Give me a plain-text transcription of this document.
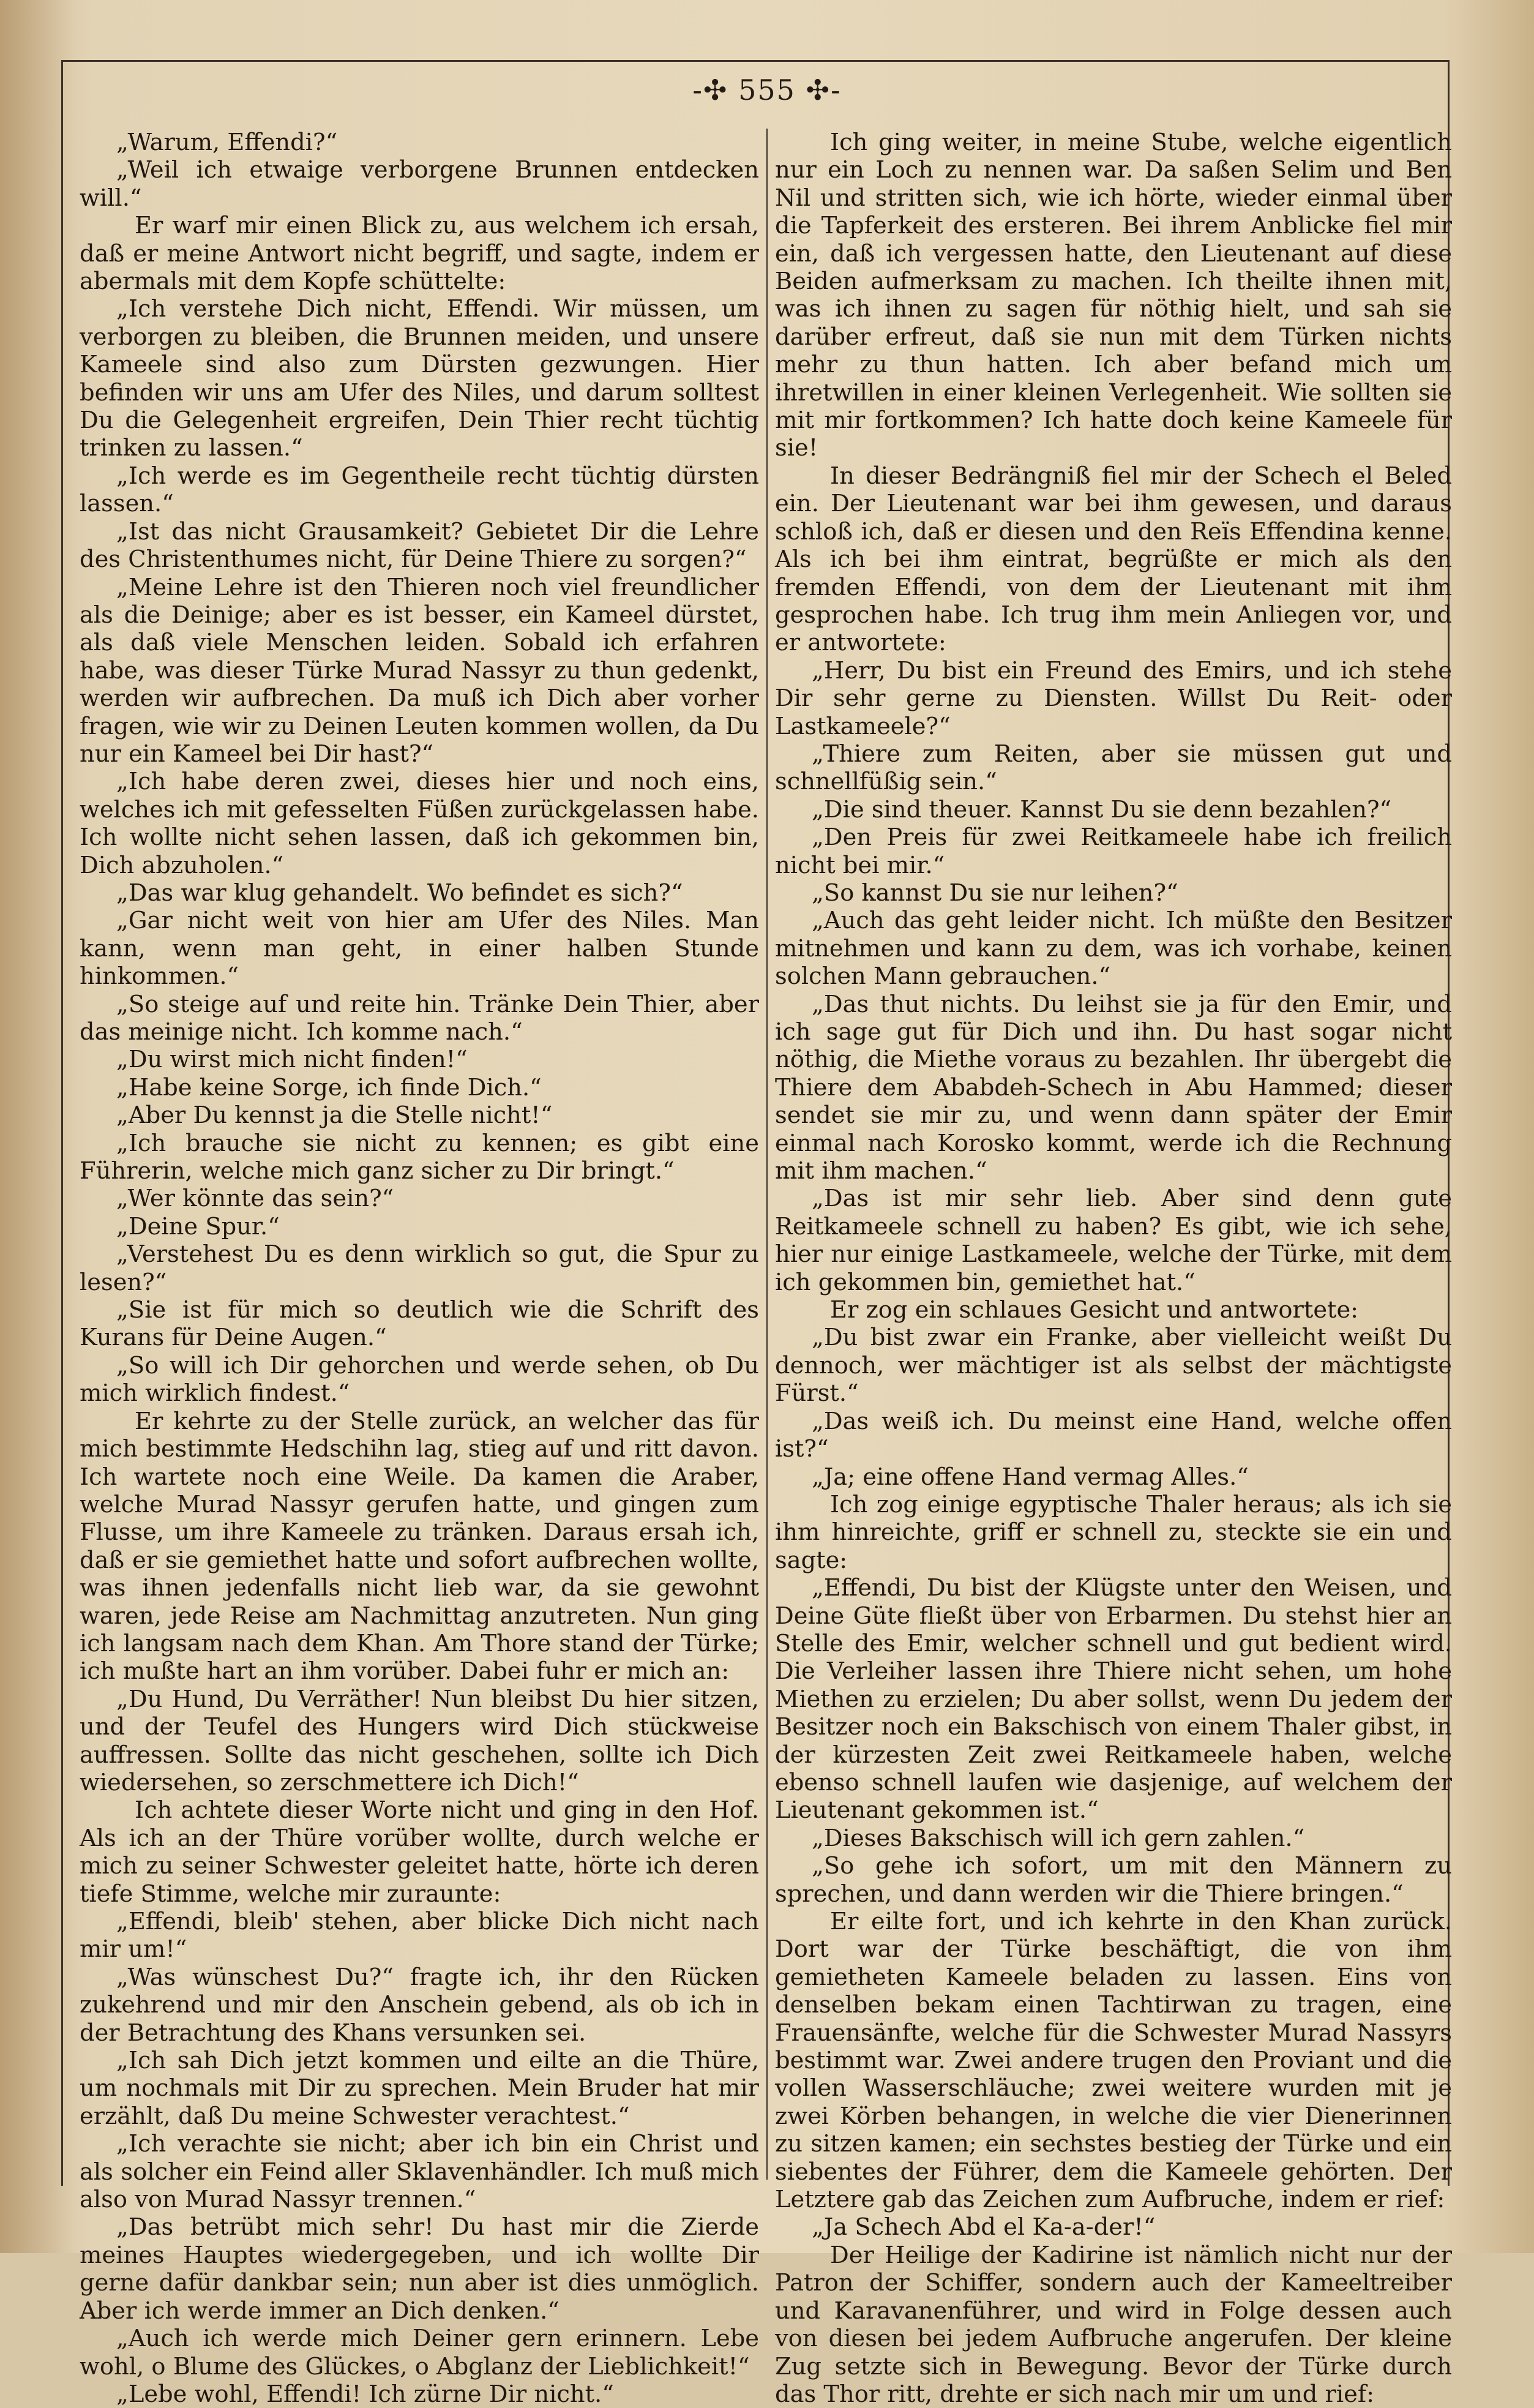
-✣ 555 ✣-

„Warum, Effendi?“

„Weil ich etwaige verborgene Brunnen entdecken will.“

Er warf mir einen Blick zu, aus welchem ich ersah, daß er meine Antwort nicht begriff, und sagte, indem er abermals mit dem Kopfe schüttelte:

„Ich verstehe Dich nicht, Effendi. Wir müssen, um verborgen zu bleiben, die Brunnen meiden, und unsere Kameele sind also zum Dürsten gezwungen. Hier befinden wir uns am Ufer des Niles, und darum solltest Du die Gelegenheit ergreifen, Dein Thier recht tüchtig trinken zu lassen.“

„Ich werde es im Gegentheile recht tüchtig dürsten lassen.“

„Ist das nicht Grausamkeit? Gebietet Dir die Lehre des Christenthumes nicht, für Deine Thiere zu sorgen?“

„Meine Lehre ist den Thieren noch viel freundlicher als die Deinige; aber es ist besser, ein Kameel dürstet, als daß viele Menschen leiden. Sobald ich erfahren habe, was dieser Türke Murad Nassyr zu thun gedenkt, werden wir aufbrechen. Da muß ich Dich aber vorher fragen, wie wir zu Deinen Leuten kommen wollen, da Du nur ein Kameel bei Dir hast?“

„Ich habe deren zwei, dieses hier und noch eins, welches ich mit gefesselten Füßen zurückgelassen habe. Ich wollte nicht sehen lassen, daß ich gekommen bin, Dich abzuholen.“

„Das war klug gehandelt. Wo befindet es sich?“

„Gar nicht weit von hier am Ufer des Niles. Man kann, wenn man geht, in einer halben Stunde hinkommen.“

„So steige auf und reite hin. Tränke Dein Thier, aber das meinige nicht. Ich komme nach.“

„Du wirst mich nicht finden!“

„Habe keine Sorge, ich finde Dich.“

„Aber Du kennst ja die Stelle nicht!“

„Ich brauche sie nicht zu kennen; es gibt eine Führerin, welche mich ganz sicher zu Dir bringt.“

„Wer könnte das sein?“

„Deine Spur.“

„Verstehest Du es denn wirklich so gut, die Spur zu lesen?“

„Sie ist für mich so deutlich wie die Schrift des Kurans für Deine Augen.“

„So will ich Dir gehorchen und werde sehen, ob Du mich wirklich findest.“

Er kehrte zu der Stelle zurück, an welcher das für mich bestimmte Hedschihn lag, stieg auf und ritt davon. Ich wartete noch eine Weile. Da kamen die Araber, welche Murad Nassyr gerufen hatte, und gingen zum Flusse, um ihre Kameele zu tränken. Daraus ersah ich, daß er sie gemiethet hatte und sofort aufbrechen wollte, was ihnen jedenfalls nicht lieb war, da sie gewohnt waren, jede Reise am Nachmittag anzutreten. Nun ging ich langsam nach dem Khan. Am Thore stand der Türke; ich mußte hart an ihm vorüber. Dabei fuhr er mich an:

„Du Hund, Du Verräther! Nun bleibst Du hier sitzen, und der Teufel des Hungers wird Dich stückweise auffressen. Sollte das nicht geschehen, sollte ich Dich wiedersehen, so zerschmettere ich Dich!“

Ich achtete dieser Worte nicht und ging in den Hof. Als ich an der Thüre vorüber wollte, durch welche er mich zu seiner Schwester geleitet hatte, hörte ich deren tiefe Stimme, welche mir zuraunte:

„Effendi, bleib' stehen, aber blicke Dich nicht nach mir um!“

„Was wünschest Du?“ fragte ich, ihr den Rücken zukehrend und mir den Anschein gebend, als ob ich in der Betrachtung des Khans versunken sei.

„Ich sah Dich jetzt kommen und eilte an die Thüre, um nochmals mit Dir zu sprechen. Mein Bruder hat mir erzählt, daß Du meine Schwester verachtest.“

„Ich verachte sie nicht; aber ich bin ein Christ und als solcher ein Feind aller Sklavenhändler. Ich muß mich also von Murad Nassyr trennen.“

„Das betrübt mich sehr! Du hast mir die Zierde meines Hauptes wiedergegeben, und ich wollte Dir gerne dafür dankbar sein; nun aber ist dies unmöglich. Aber ich werde immer an Dich denken.“

„Auch ich werde mich Deiner gern erinnern. Lebe wohl, o Blume des Glückes, o Abglanz der Lieblichkeit!“

„Lebe wohl, Effendi! Ich zürne Dir nicht.“

Ich ging weiter, in meine Stube, welche eigentlich nur ein Loch zu nennen war. Da saßen Selim und Ben Nil und stritten sich, wie ich hörte, wieder einmal über die Tapferkeit des ersteren. Bei ihrem Anblicke fiel mir ein, daß ich vergessen hatte, den Lieutenant auf diese Beiden aufmerksam zu machen. Ich theilte ihnen mit, was ich ihnen zu sagen für nöthig hielt, und sah sie darüber erfreut, daß sie nun mit dem Türken nichts mehr zu thun hatten. Ich aber befand mich um ihretwillen in einer kleinen Verlegenheit. Wie sollten sie mit mir fortkommen? Ich hatte doch keine Kameele für sie!

In dieser Bedrängniß fiel mir der Schech el Beled ein. Der Lieutenant war bei ihm gewesen, und daraus schloß ich, daß er diesen und den Reïs Effendina kenne. Als ich bei ihm eintrat, begrüßte er mich als den fremden Effendi, von dem der Lieutenant mit ihm gesprochen habe. Ich trug ihm mein Anliegen vor, und er antwortete:

„Herr, Du bist ein Freund des Emirs, und ich stehe Dir sehr gerne zu Diensten. Willst Du Reit- oder Lastkameele?“

„Thiere zum Reiten, aber sie müssen gut und schnellfüßig sein.“

„Die sind theuer. Kannst Du sie denn bezahlen?“

„Den Preis für zwei Reitkameele habe ich freilich nicht bei mir.“

„So kannst Du sie nur leihen?“

„Auch das geht leider nicht. Ich müßte den Besitzer mitnehmen und kann zu dem, was ich vorhabe, keinen solchen Mann gebrauchen.“

„Das thut nichts. Du leihst sie ja für den Emir, und ich sage gut für Dich und ihn. Du hast sogar nicht nöthig, die Miethe voraus zu bezahlen. Ihr übergebt die Thiere dem Ababdeh-Schech in Abu Hammed; dieser sendet sie mir zu, und wenn dann später der Emir einmal nach Korosko kommt, werde ich die Rechnung mit ihm machen.“

„Das ist mir sehr lieb. Aber sind denn gute Reitkameele schnell zu haben? Es gibt, wie ich sehe, hier nur einige Lastkameele, welche der Türke, mit dem ich gekommen bin, gemiethet hat.“

Er zog ein schlaues Gesicht und antwortete:

„Du bist zwar ein Franke, aber vielleicht weißt Du dennoch, wer mächtiger ist als selbst der mächtigste Fürst.“

„Das weiß ich. Du meinst eine Hand, welche offen ist?“

„Ja; eine offene Hand vermag Alles.“

Ich zog einige egyptische Thaler heraus; als ich sie ihm hinreichte, griff er schnell zu, steckte sie ein und sagte:

„Effendi, Du bist der Klügste unter den Weisen, und Deine Güte fließt über von Erbarmen. Du stehst hier an Stelle des Emir, welcher schnell und gut bedient wird. Die Verleiher lassen ihre Thiere nicht sehen, um hohe Miethen zu erzielen; Du aber sollst, wenn Du jedem der Besitzer noch ein Bakschisch von einem Thaler gibst, in der kürzesten Zeit zwei Reitkameele haben, welche ebenso schnell laufen wie dasjenige, auf welchem der Lieutenant gekommen ist.“

„Dieses Bakschisch will ich gern zahlen.“

„So gehe ich sofort, um mit den Männern zu sprechen, und dann werden wir die Thiere bringen.“

Er eilte fort, und ich kehrte in den Khan zurück. Dort war der Türke beschäftigt, die von ihm gemietheten Kameele beladen zu lassen. Eins von denselben bekam einen Tachtirwan zu tragen, eine Frauensänfte, welche für die Schwester Murad Nassyrs bestimmt war. Zwei andere trugen den Proviant und die vollen Wasserschläuche; zwei weitere wurden mit je zwei Körben behangen, in welche die vier Dienerinnen zu sitzen kamen; ein sechstes bestieg der Türke und ein siebentes der Führer, dem die Kameele gehörten. Der Letztere gab das Zeichen zum Aufbruche, indem er rief:

„Ja Schech Abd el Ka-a-der!“

Der Heilige der Kadirine ist nämlich nicht nur der Patron der Schiffer, sondern auch der Kameeltreiber und Karavanenführer, und wird in Folge dessen auch von diesen bei jedem Aufbruche angerufen. Der kleine Zug setzte sich in Bewegung. Bevor der Türke durch das Thor ritt, drehte er sich nach mir um und rief:
